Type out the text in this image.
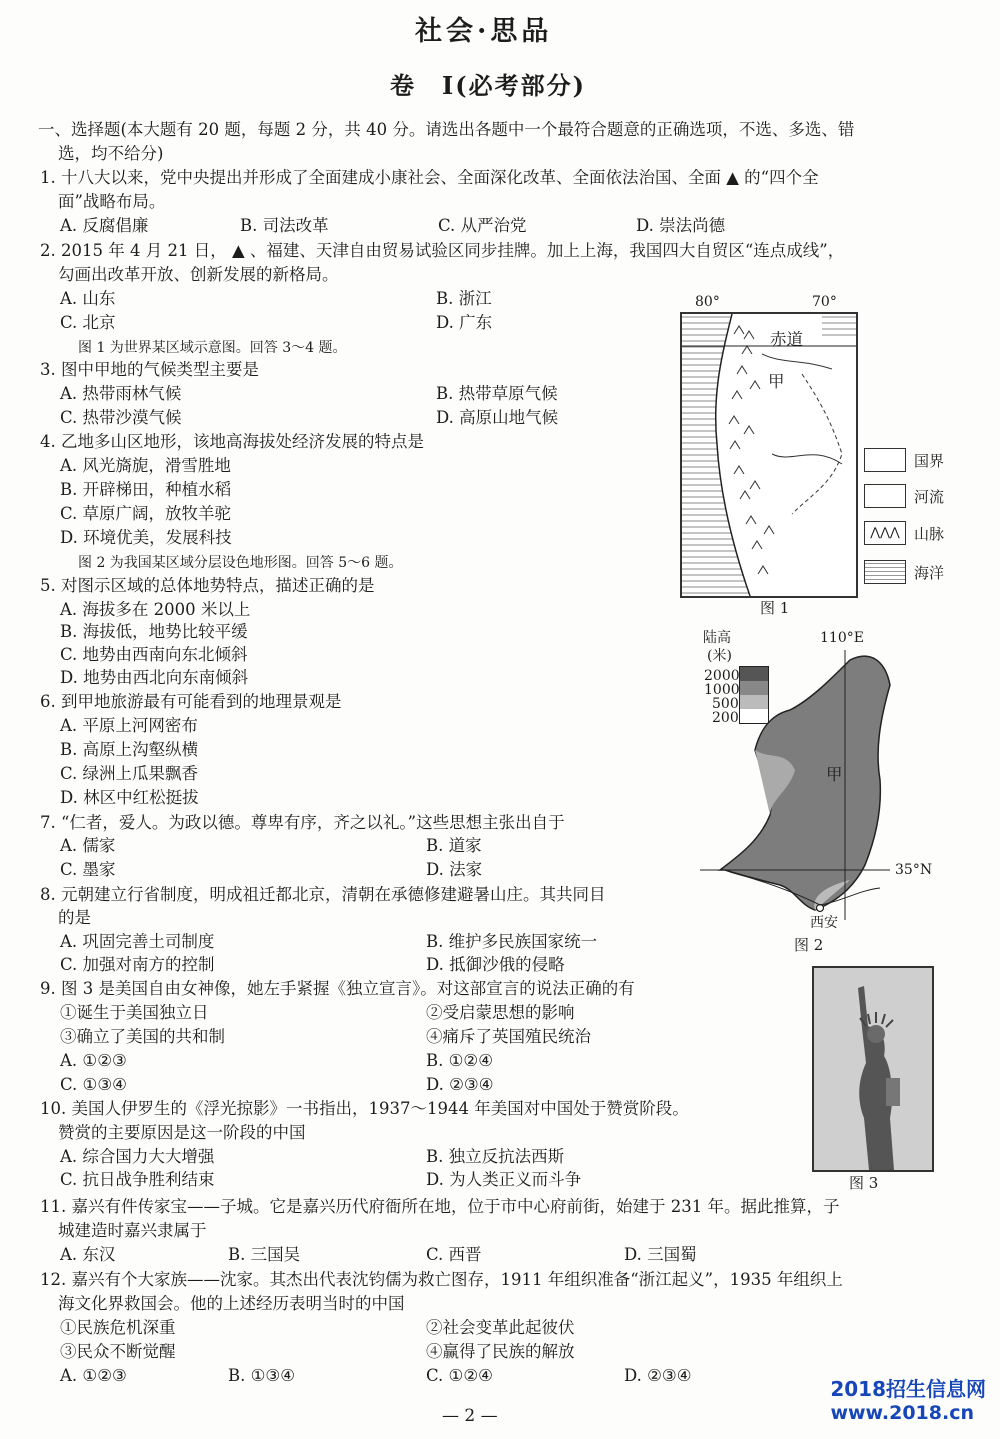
社会·思品
卷　Ⅰ(必考部分)
一、选择题(本大题有 20 题，每题 2 分，共 40 分。请选出各题中一个最符合题意的正确选项，不选、多选、错
选，均不给分)
1. 十八大以来，党中央提出并形成了全面建成小康社会、全面深化改革、全面依法治国、全面 ▲ 的“四个全
面”战略布局。
A. 反腐倡廉	B. 司法改革	C. 从严治党	D. 崇法尚德
2. 2015 年 4 月 21 日， ▲ 、福建、天津自由贸易试验区同步挂牌。加上上海，我国四大自贸区“连点成线”，
勾画出改革开放、创新发展的新格局。
A. 山东	B. 浙江
C. 北京	D. 广东
图 1 为世界某区域示意图。回答 3～4 题。
3. 图中甲地的气候类型主要是
A. 热带雨林气候	B. 热带草原气候
C. 热带沙漠气候	D. 高原山地气候
4. 乙地多山区地形，该地高海拔处经济发展的特点是
A. 风光旖旎，滑雪胜地
B. 开辟梯田，种植水稻
C. 草原广阔，放牧羊驼
D. 环境优美，发展科技
图 2 为我国某区域分层设色地形图。回答 5～6 题。
5. 对图示区域的总体地势特点，描述正确的是
A. 海拔多在 2000 米以上
B. 海拔低，地势比较平缓
C. 地势由西南向东北倾斜
D. 地势由西北向东南倾斜
6. 到甲地旅游最有可能看到的地理景观是
A. 平原上河网密布
B. 高原上沟壑纵横
C. 绿洲上瓜果飘香
D. 林区中红松挺拔
7. “仁者，爱人。为政以德。尊卑有序，齐之以礼。”这些思想主张出自于
A. 儒家	B. 道家
C. 墨家	D. 法家
8. 元朝建立行省制度，明成祖迁都北京，清朝在承德修建避暑山庄。其共同目
的是
A. 巩固完善土司制度	B. 维护多民族国家统一
C. 加强对南方的控制	D. 抵御沙俄的侵略
9. 图 3 是美国自由女神像，她左手紧握《独立宣言》。对这部宣言的说法正确的有
①诞生于美国独立日	②受启蒙思想的影响
③确立了美国的共和制	④痛斥了英国殖民统治
A. ①②③	B. ①②④
C. ①③④	D. ②③④
10. 美国人伊罗生的《浮光掠影》一书指出，1937～1944 年美国对中国处于赞赏阶段。
赞赏的主要原因是这一阶段的中国
A. 综合国力大大增强	B. 独立反抗法西斯
C. 抗日战争胜利结束	D. 为人类正义而斗争
11. 嘉兴有件传家宝——子城。它是嘉兴历代府衙所在地，位于市中心府前街，始建于 231 年。据此推算，子
城建造时嘉兴隶属于
A. 东汉	B. 三国吴	C. 西晋	D. 三国蜀
12. 嘉兴有个大家族——沈家。其杰出代表沈钧儒为救亡图存，1911 年组织准备“浙江起义”，1935 年组织上
海文化界救国会。他的上述经历表明当时的中国
①民族危机深重	②社会变革此起彼伏
③民众不断觉醒	④赢得了民族的解放
A. ①②③	B. ①③④	C. ①②④	D. ②③④
80°	70°
赤道
甲
图 1
国界
河流
⋀⋀⋀ 山脉
海洋
陆高
(米)
2000
1000
500
200
110°E
甲
35°N
西安
图 2
图 3
— 2 —
2018招生信息网
www.2018.cn
